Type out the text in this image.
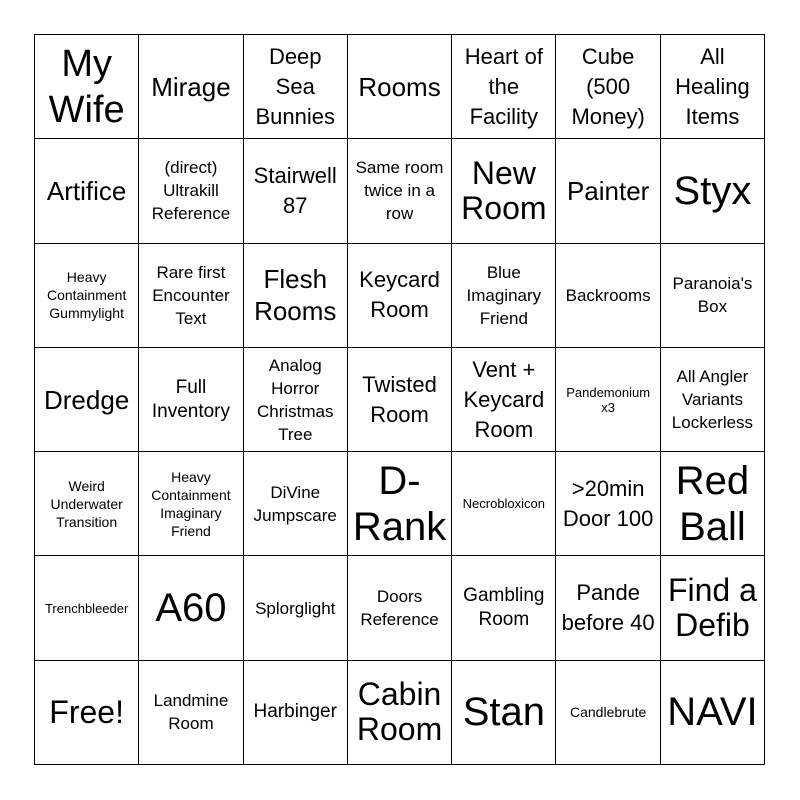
My Wife
Mirage
Deep Sea Bunnies
Rooms
Heart of the Facility
Cube (500 Money)
All Healing Items
Artifice
(direct) Ultrakill Reference
Stairwell 87
Same room twice in a row
New Room Painter Styx
Heavy Containment Gummylight
Rare first Encounter Text
Flesh Rooms
Keycard Room
Blue Imaginary Friend
Backrooms
Paranoia's Box
Dredge	Full Inventory
Analog Horror Christmas Tree
Twisted Room
Vent + Keycard Room
Pandemonium x3
All Angler Variants Lockerless
Weird Underwater Transition
Heavy Containment Imaginary Friend
DiVine Jumpscare
D-Rank
Necrobloxicon
>20min Door 100
Red Ball
Trenchbleeder A60 Splorglight
Doors Reference
Gambling Room
Pande before 40
Find a Defib
Free!	Landmine Room
Harbinger Cabin Room Stan Candlebrute NAVI
